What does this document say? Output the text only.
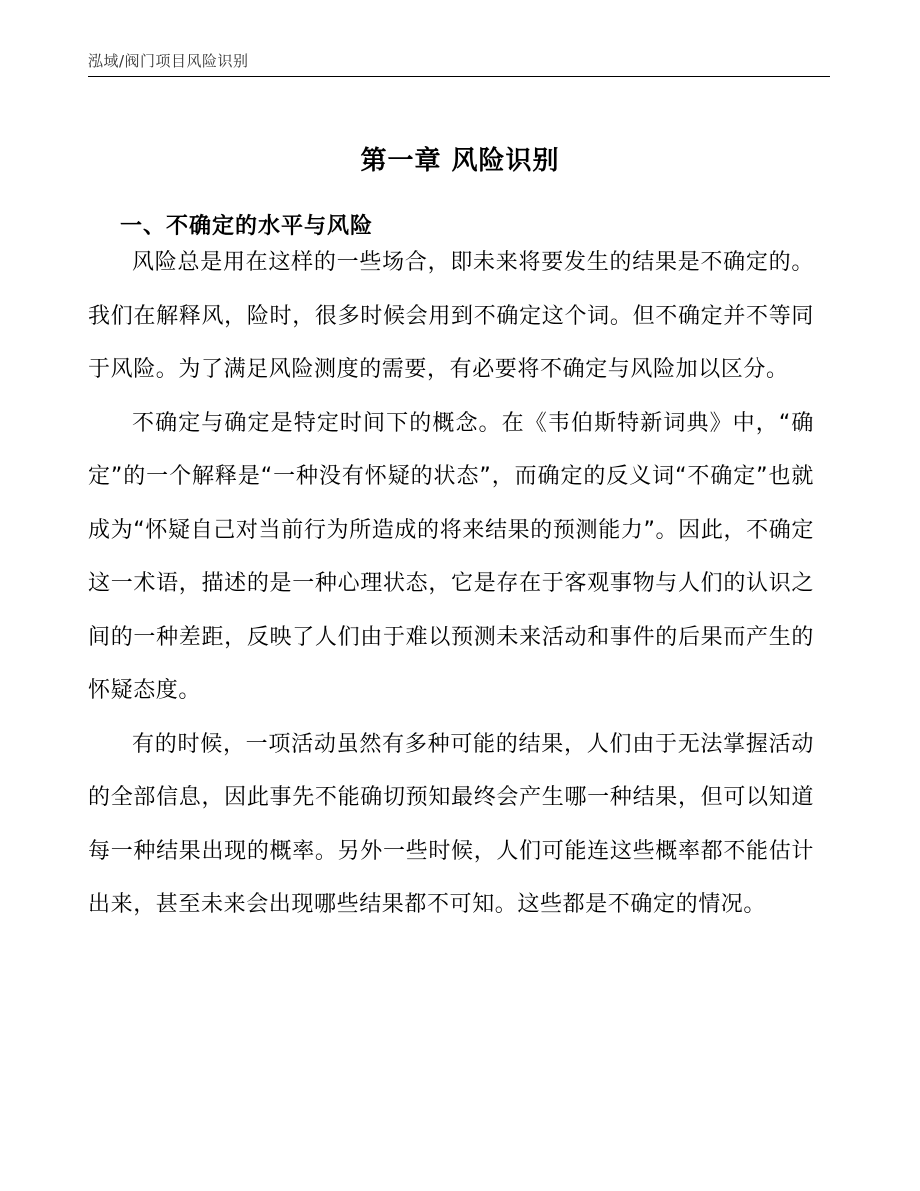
泓域/阀门项目风险识别
第一章 风险识别
一、不确定的水平与风险

风险总是用在这样的一些场合，即未来将要发生的结果是不确定的。我们在解释风，险时，很多时候会用到不确定这个词。但不确定并不等同于风险。为了满足风险测度的需要，有必要将不确定与风险加以区分。

不确定与确定是特定时间下的概念。在《韦伯斯特新词典》中，“确定”的一个解释是“一种没有怀疑的状态”，而确定的反义词“不确定”也就成为“怀疑自己对当前行为所造成的将来结果的预测能力”。因此，不确定这一术语，描述的是一种心理状态，它是存在于客观事物与人们的认识之间的一种差距，反映了人们由于难以预测未来活动和事件的后果而产生的怀疑态度。

有的时候，一项活动虽然有多种可能的结果，人们由于无法掌握活动的全部信息，因此事先不能确切预知最终会产生哪一种结果，但可以知道每一种结果出现的概率。另外一些时候，人们可能连这些概率都不能估计出来，甚至未来会出现哪些结果都不可知。这些都是不确定的情况。
